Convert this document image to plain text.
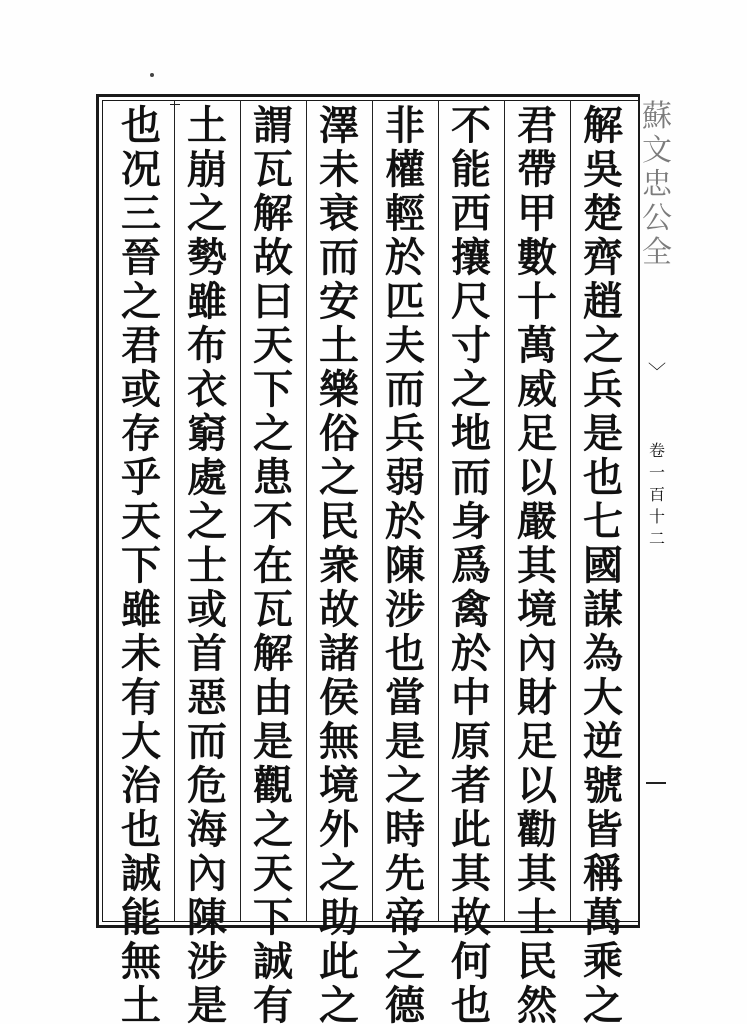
蘇
文
忠
公
全
﹀
卷
一
百
十
二
解
吳
楚
齊
趙
之
兵
是
也
七
國
謀
為
大
逆
號
皆
稱
萬
乘
之
君
帶
甲
數
十
萬
威
足
以
嚴
其
境
內
財
足
以
勸
其
士
民
然
不
能
西
攘
尺
寸
之
地
而
身
爲
禽
於
中
原
者
此
其
故
何
也
非
權
輕
於
匹
夫
而
兵
弱
於
陳
涉
也
當
是
之
時
先
帝
之
德
澤
未
衰
而
安
土
樂
俗
之
民
衆
故
諸
侯
無
境
外
之
助
此
之
謂
瓦
解
故
曰
天
下
之
患
不
在
瓦
解
由
是
觀
之
天
下
誠
有
土
崩
之
勢
雖
布
衣
窮
處
之
士
或
首
惡
而
危
海
內
陳
涉
是
也
况
三
晉
之
君
或
存
乎
天
下
雖
未
有
大
治
也
誠
能
無
土
